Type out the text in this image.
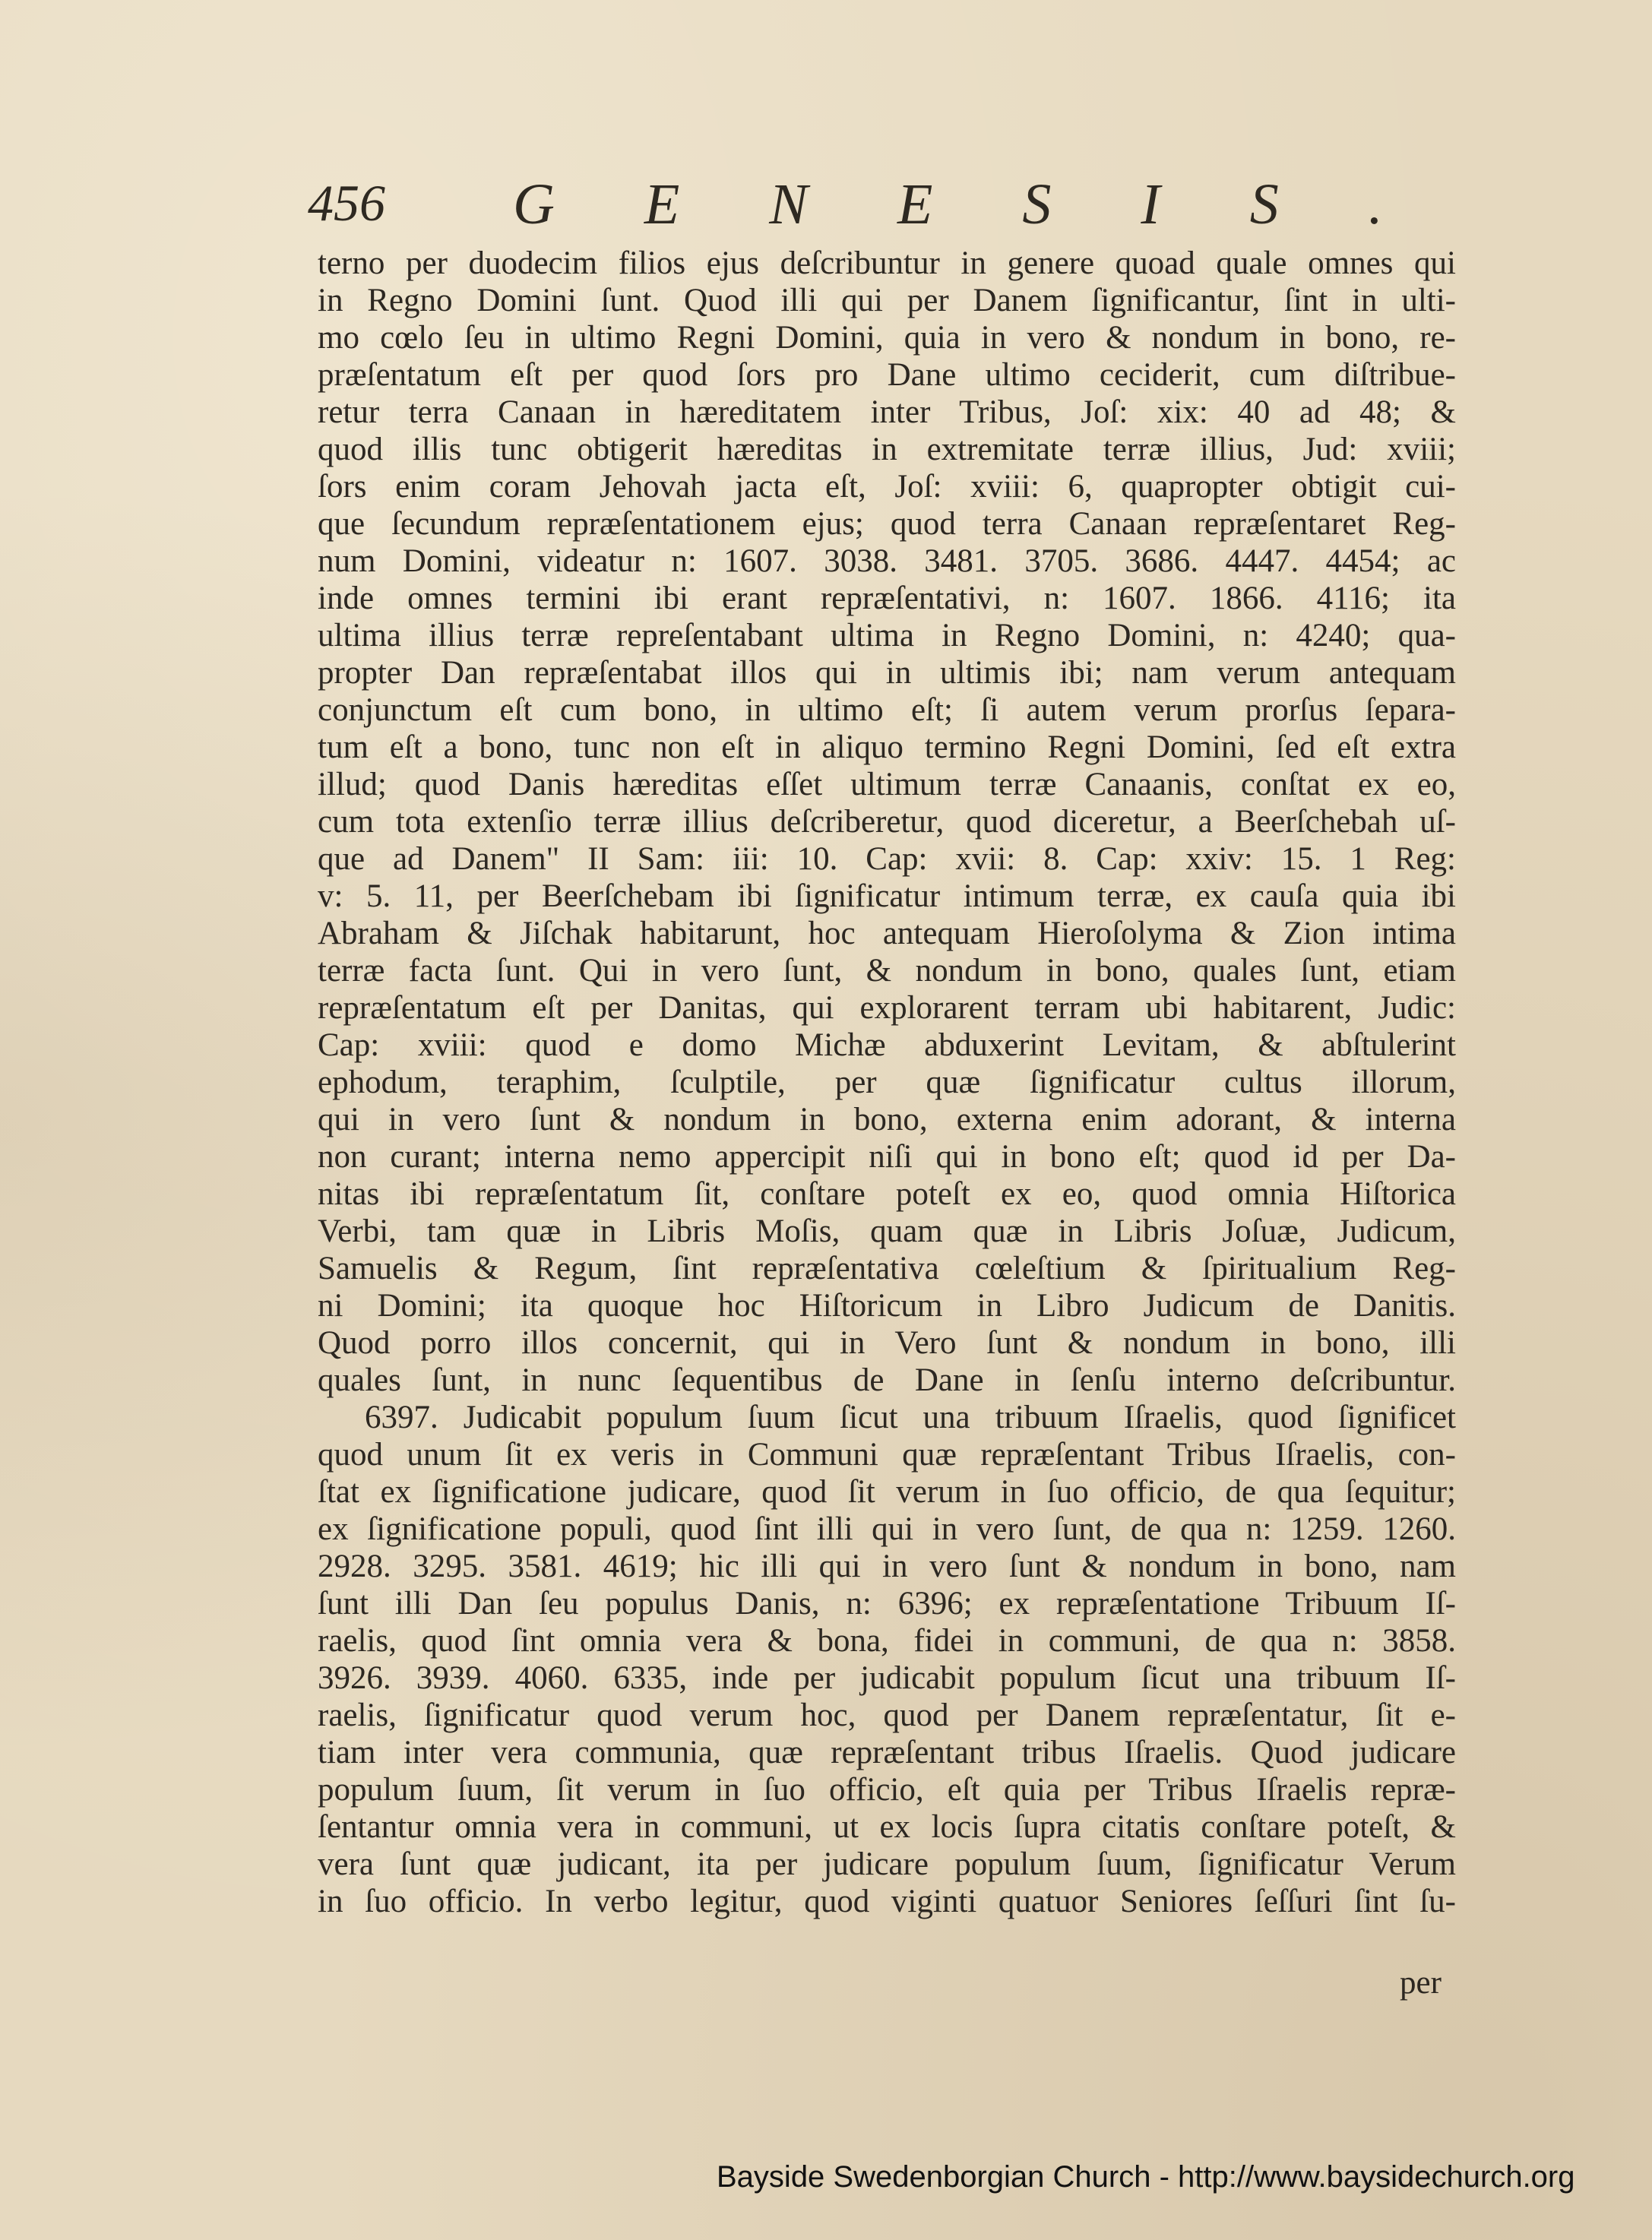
456 GENESIS.
terno per duodecim filios ejus deſcribuntur in genere quoad quale omnes qui
in Regno Domini ſunt. Quod illi qui per Danem ſignificantur, ſint in ulti-
mo cœlo ſeu in ultimo Regni Domini, quia in vero & nondum in bono, re-
præſentatum eſt per quod ſors pro Dane ultimo ceciderit, cum diſtribue-
retur terra Canaan in hæreditatem inter Tribus, Joſ: xix: 40 ad 48; &
quod illis tunc obtigerit hæreditas in extremitate terræ illius, Jud: xviii;
ſors enim coram Jehovah jacta eſt, Joſ: xviii: 6, quapropter obtigit cui-
que ſecundum repræſentationem ejus; quod terra Canaan repræſentaret Reg-
num Domini, videatur n: 1607. 3038. 3481. 3705. 3686. 4447. 4454; ac
inde omnes termini ibi erant repræſentativi, n: 1607. 1866. 4116; ita
ultima illius terræ repreſentabant ultima in Regno Domini, n: 4240; qua-
propter Dan repræſentabat illos qui in ultimis ibi; nam verum antequam
conjunctum eſt cum bono, in ultimo eſt; ſi autem verum prorſus ſepara-
tum eſt a bono, tunc non eſt in aliquo termino Regni Domini, ſed eſt extra
illud; quod Danis hæreditas eſſet ultimum terræ Canaanis, conſtat ex eo,
cum tota extenſio terræ illius deſcriberetur, quod diceretur, a Beerſchebah uſ-
que ad Danem" II Sam: iii: 10. Cap: xvii: 8. Cap: xxiv: 15. 1 Reg:
v: 5. 11, per Beerſchebam ibi ſignificatur intimum terræ, ex cauſa quia ibi
Abraham & Jiſchak habitarunt, hoc antequam Hieroſolyma & Zion intima
terræ facta ſunt. Qui in vero ſunt, & nondum in bono, quales ſunt, etiam
repræſentatum eſt per Danitas, qui explorarent terram ubi habitarent, Judic:
Cap: xviii: quod e domo Michæ abduxerint Levitam, & abſtulerint
ephodum, teraphim, ſculptile, per quæ ſignificatur cultus illorum,
qui in vero ſunt & nondum in bono, externa enim adorant, & interna
non curant; interna nemo appercipit niſi qui in bono eſt; quod id per Da-
nitas ibi repræſentatum ſit, conſtare poteſt ex eo, quod omnia Hiſtorica
Verbi, tam quæ in Libris Moſis, quam quæ in Libris Joſuæ, Judicum,
Samuelis & Regum, ſint repræſentativa cœleſtium & ſpiritualium Reg-
ni Domini; ita quoque hoc Hiſtoricum in Libro Judicum de Danitis.
Quod porro illos concernit, qui in Vero ſunt & nondum in bono, illi
quales ſunt, in nunc ſequentibus de Dane in ſenſu interno deſcribuntur.
6397. Judicabit populum ſuum ſicut una tribuum Iſraelis, quod ſignificet
quod unum ſit ex veris in Communi quæ repræſentant Tribus Iſraelis, con-
ſtat ex ſignificatione judicare, quod ſit verum in ſuo officio, de qua ſequitur;
ex ſignificatione populi, quod ſint illi qui in vero ſunt, de qua n: 1259. 1260.
2928. 3295. 3581. 4619; hic illi qui in vero ſunt & nondum in bono, nam
ſunt illi Dan ſeu populus Danis, n: 6396; ex repræſentatione Tribuum Iſ-
raelis, quod ſint omnia vera & bona, fidei in communi, de qua n: 3858.
3926. 3939. 4060. 6335, inde per judicabit populum ſicut una tribuum Iſ-
raelis, ſignificatur quod verum hoc, quod per Danem repræſentatur, ſit e-
tiam inter vera communia, quæ repræſentant tribus Iſraelis. Quod judicare
populum ſuum, ſit verum in ſuo officio, eſt quia per Tribus Iſraelis repræ-
ſentantur omnia vera in communi, ut ex locis ſupra citatis conſtare poteſt, &
vera ſunt quæ judicant, ita per judicare populum ſuum, ſignificatur Verum
in ſuo officio. In verbo legitur, quod viginti quatuor Seniores ſeſſuri ſint ſu-
per
Bayside Swedenborgian Church - http://www.baysidechurch.org
